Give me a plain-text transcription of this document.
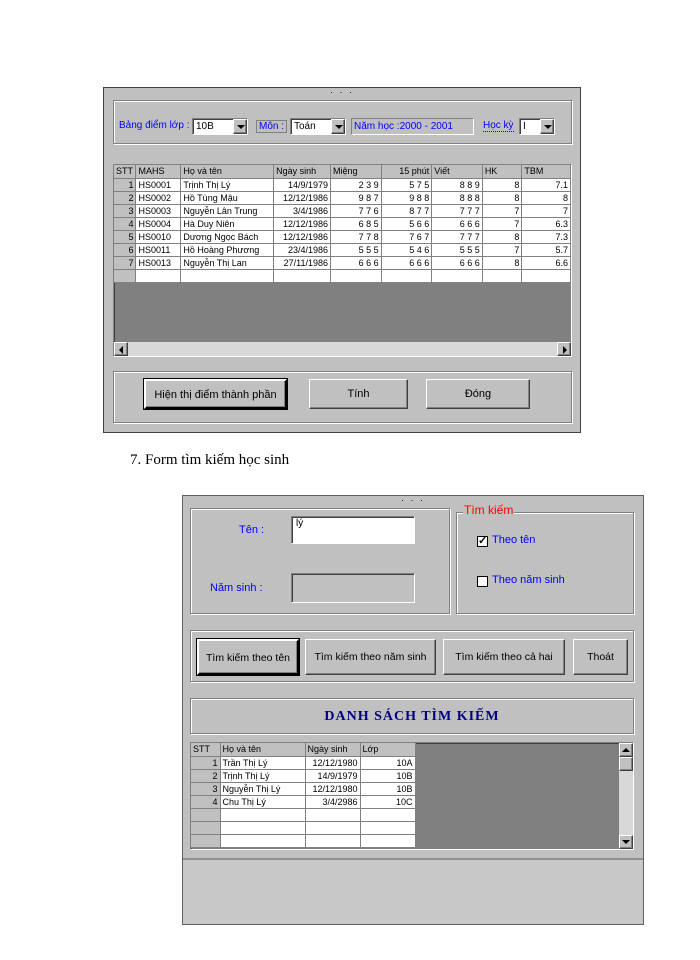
· · ·
Bảng điểm lớp : 10B	Môn : Toán	Năm học :2000 - 2001	Học kỳ I
STT	MAHS	Họ và tên	Ngày sinh	Miệng	15 phút	Viết	HK	TBM
1	HS0001	Trịnh Thị Lý	14/9/1979	2 3 9	5 7 5	8 8 9	8	7.1
2	HS0002	Hồ Tùng Mậu	12/12/1986	9 8 7	9 8 8	8 8 8	8	8
3	HS0003	Nguyễn Lân Trung	3/4/1986	7 7 6	8 7 7	7 7 7	7	7
4	HS0004	Hà Duy Niên	12/12/1986	6 8 5	5 6 6	6 6 6	7	6.3
5	HS0010	Dương Ngọc Bách	12/12/1986	7 7 8	7 6 7	7 7 7	8	7.3
6	HS0011	Hồ Hoàng Phương	23/4/1986	5 5 5	5 4 6	5 5 5	7	5.7
7	HS0013	Nguyễn Thị Lan	27/11/1986	6 6 6	6 6 6	6 6 6	8	6.6

Hiện thị điểm thành phần	Tính	Đóng
7. Form tìm kiếm học sinh
· · ·
Tên :
lý
Năm sinh :
Tìm kiếm
✓
Theo tên
Theo năm sinh
Tìm kiếm theo tên	Tìm kiếm theo năm sinh	Tìm kiếm theo cả hai	Thoát
DANH SÁCH TÌM KIẾM
STT	Họ và tên	Ngày sinh	Lớp
1	Trần Thị Lý	12/12/1980	10A
2	Trịnh Thị Lý	14/9/1979	10B
3	Nguyễn Thị Lý	12/12/1980	10B
4	Chu Thị Lý	3/4/2986	10C
